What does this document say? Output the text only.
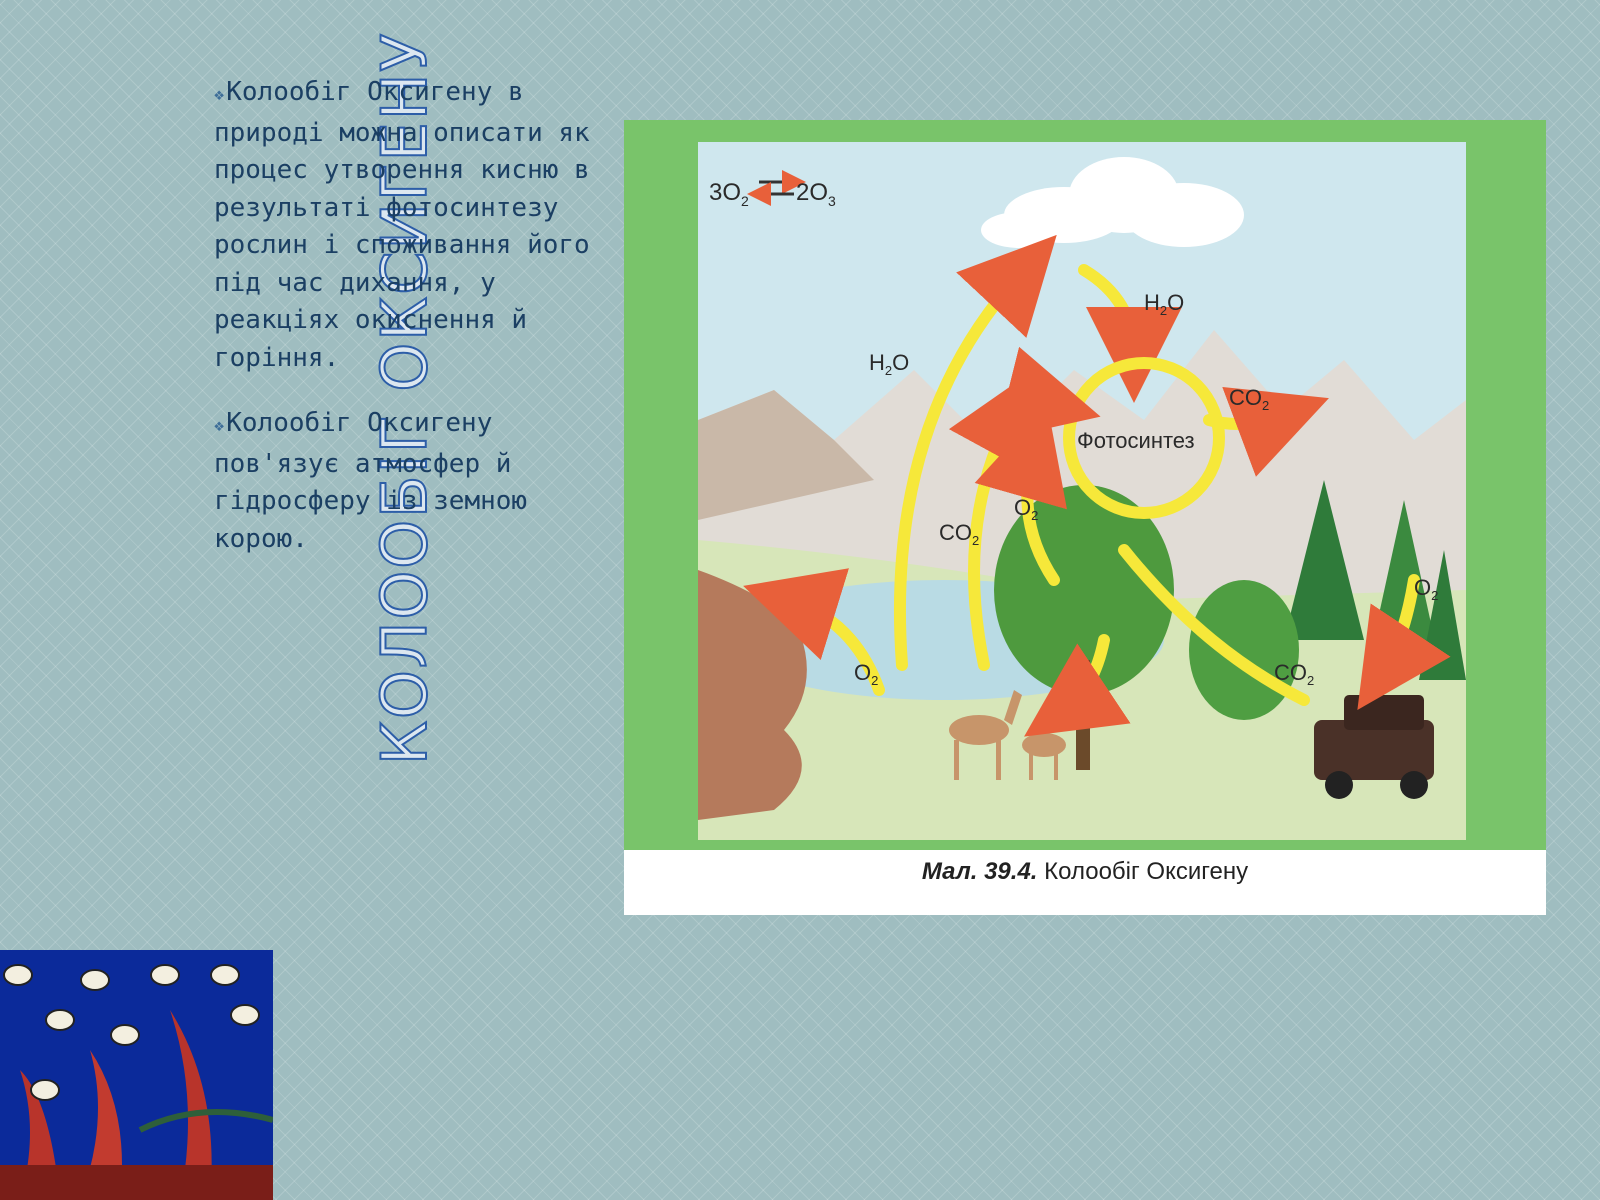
КОЛООБІГ ОКСИГЕНУ
❖Колообіг Оксигену в природі можна описати як процес утворення кисню в результаті фотосинтезу рослин і споживання його під час дихання, у реакціях окиснення й горіння.
❖Колообіг Оксигену пов'язує атмосфер й гідросферу із земною корою.
$3O_2$ $2O_3$
$H_2O$
$H_2O$
$CO_2$
Фотосинтез
$CO_2$
$O_2$
$O_2$
$O_2$
$CO_2$
Мал. 39.4. Колообіг Оксигену
